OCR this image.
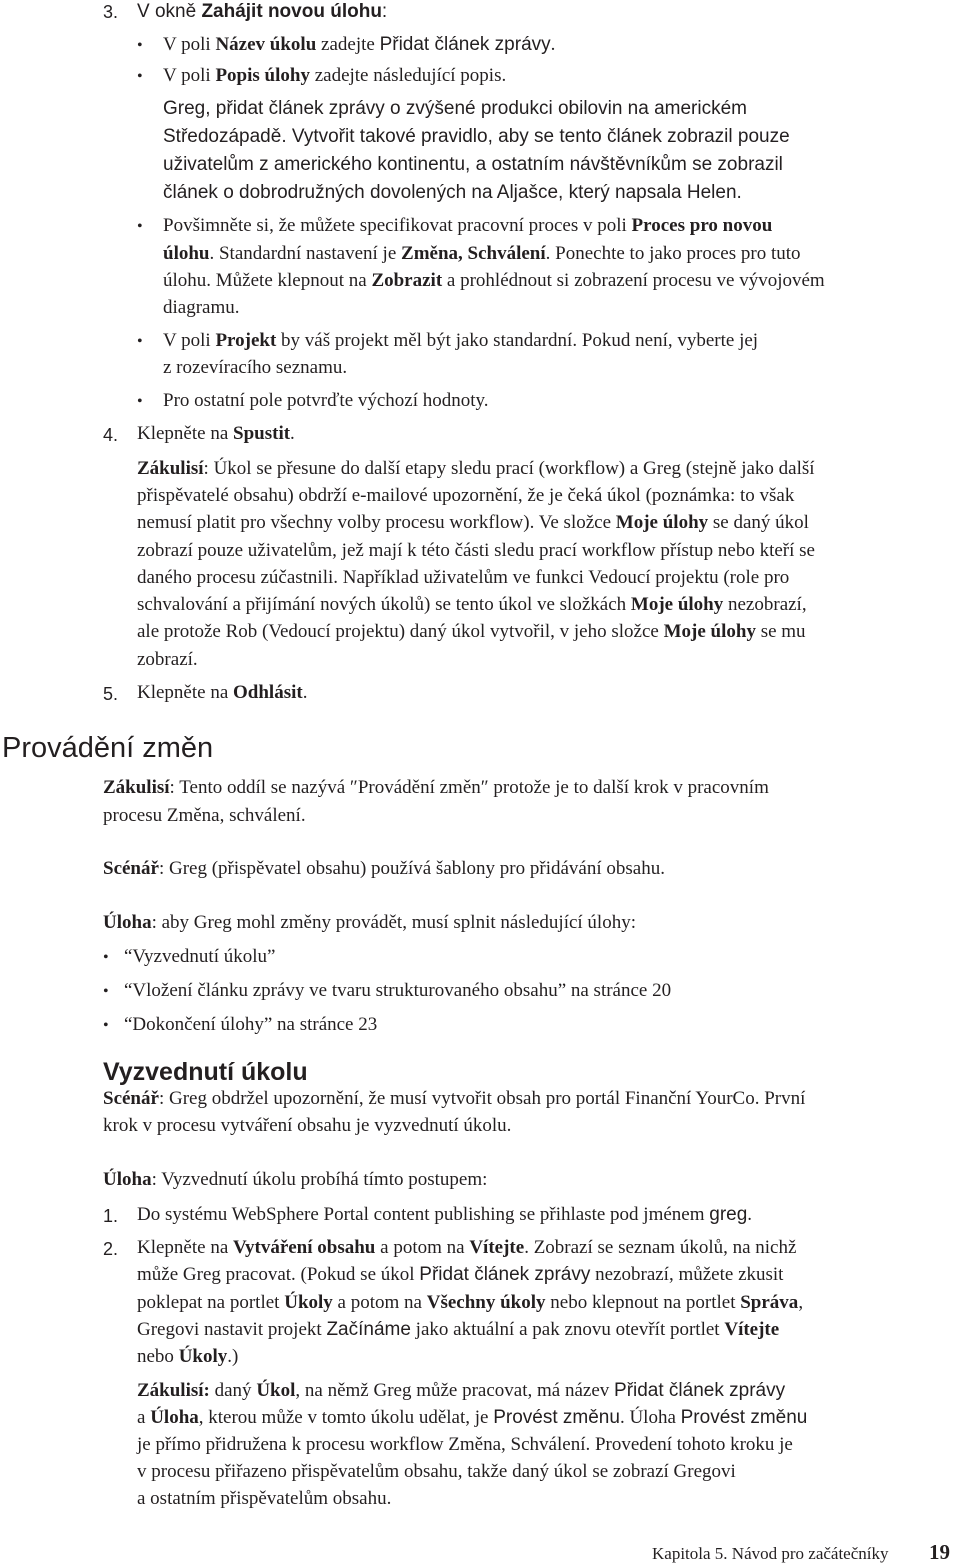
3. V okně Zahájit novou úlohu:
• V poli Název úkolu zadejte Přidat článek zprávy.
• V poli Popis úlohy zadejte následující popis.
Greg, přidat článek zprávy o zvýšené produkci obilovin na americkém
Středozápadě. Vytvořit takové pravidlo, aby se tento článek zobrazil pouze
uživatelům z amerického kontinentu, a ostatním návštěvníkům se zobrazil
článek o dobrodružných dovolených na Aljašce, který napsala Helen.
• Povšimněte si, že můžete specifikovat pracovní proces v poli Proces pro novou
úlohu. Standardní nastavení je Změna, Schválení. Ponechte to jako proces pro tuto
úlohu. Můžete klepnout na Zobrazit a prohlédnout si zobrazení procesu ve vývojovém
diagramu.
• V poli Projekt by váš projekt měl být jako standardní. Pokud není, vyberte jej
z rozevíracího seznamu.
• Pro ostatní pole potvrďte výchozí hodnoty.
4. Klepněte na Spustit.
Zákulisí: Úkol se přesune do další etapy sledu prací (workflow) a Greg (stejně jako další
přispěvatelé obsahu) obdrží e-mailové upozornění, že je čeká úkol (poznámka: to však
nemusí platit pro všechny volby procesu workflow). Ve složce Moje úlohy se daný úkol
zobrazí pouze uživatelům, jež mají k této části sledu prací workflow přístup nebo kteří se
daného procesu zúčastnili. Například uživatelům ve funkci Vedoucí projektu (role pro
schvalování a přijímání nových úkolů) se tento úkol ve složkách Moje úlohy nezobrazí,
ale protože Rob (Vedoucí projektu) daný úkol vytvořil, v jeho složce Moje úlohy se mu
zobrazí.
5. Klepněte na Odhlásit.
Provádění změn
Zákulisí: Tento oddíl se nazývá ″Provádění změn″ protože je to další krok v pracovním
procesu Změna, schválení.
Scénář: Greg (přispěvatel obsahu) používá šablony pro přidávání obsahu.
Úloha: aby Greg mohl změny provádět, musí splnit následující úlohy:
• “Vyzvednutí úkolu”
• “Vložení článku zprávy ve tvaru strukturovaného obsahu” na stránce 20
• “Dokončení úlohy” na stránce 23
Vyzvednutí úkolu
Scénář: Greg obdržel upozornění, že musí vytvořit obsah pro portál Finanční YourCo. První
krok v procesu vytváření obsahu je vyzvednutí úkolu.
Úloha: Vyzvednutí úkolu probíhá tímto postupem:
1. Do systému WebSphere Portal content publishing se přihlaste pod jménem greg.
2. Klepněte na Vytváření obsahu a potom na Vítejte. Zobrazí se seznam úkolů, na nichž
může Greg pracovat. (Pokud se úkol Přidat článek zprávy nezobrazí, můžete zkusit
poklepat na portlet Úkoly a potom na Všechny úkoly nebo klepnout na portlet Správa,
Gregovi nastavit projekt Začínáme jako aktuální a pak znovu otevřít portlet Vítejte
nebo Úkoly.)
Zákulisí: daný Úkol, na němž Greg může pracovat, má název Přidat článek zprávy
a Úloha, kterou může v tomto úkolu udělat, je Provést změnu. Úloha Provést změnu
je přímo přidružena k procesu workflow Změna, Schválení. Provedení tohoto kroku je
v procesu přiřazeno přispěvatelům obsahu, takže daný úkol se zobrazí Gregovi
a ostatním přispěvatelům obsahu.
Kapitola 5. Návod pro začátečníky 19
